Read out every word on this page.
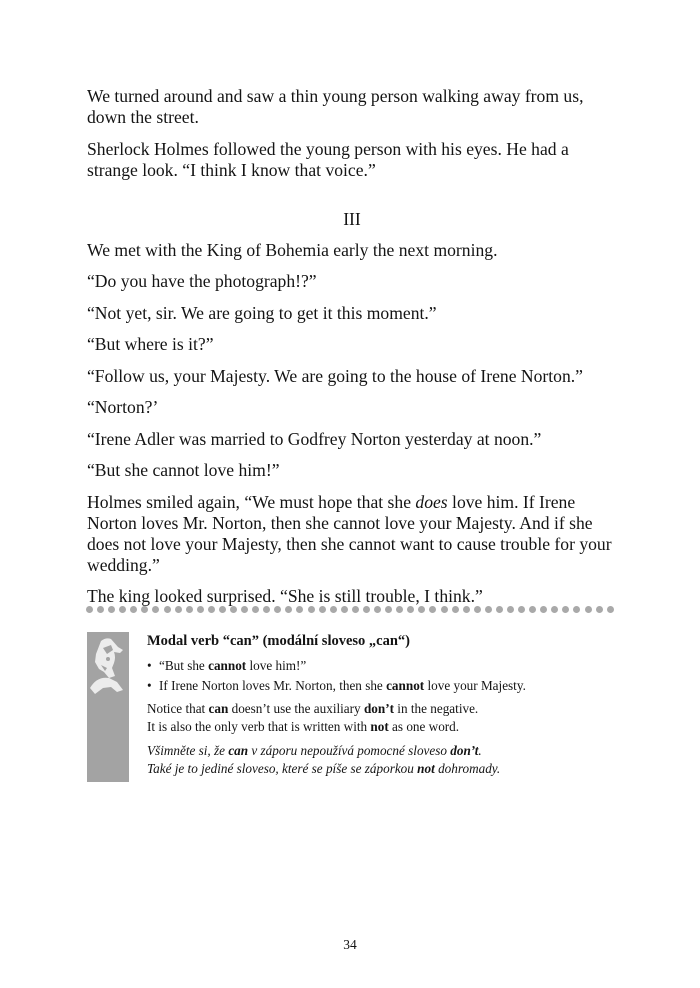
We turned around and saw a thin young person walking away from us, down the street.

Sherlock Holmes followed the young person with his eyes. He had a strange look. “I think I know that voice.”

III

We met with the King of Bohemia early the next morning.

“Do you have the photograph!?”

“Not yet, sir. We are going to get it this moment.”

“But where is it?”

“Follow us, your Majesty. We are going to the house of Irene Norton.”

“Norton?’

“Irene Adler was married to Godfrey Norton yesterday at noon.”

“But she cannot love him!”

Holmes smiled again, “We must hope that she does love him. If Irene Norton loves Mr. Norton, then she cannot love your Majesty. And if she does not love your Majesty, then she cannot want to cause trouble for your wedding.”

The king looked surprised. “She is still trouble, I think.”

Modal verb “can” (modální sloveso „can“)
• “But she cannot love him!”
• If Irene Norton loves Mr. Norton, then she cannot love your Majesty.

Notice that can doesn’t use the auxiliary don’t in the negative.

It is also the only verb that is written with not as one word.

Všimněte si, že can v záporu nepoužívá pomocné sloveso don’t.

Také je to jediné sloveso, které se píše se záporkou not dohromady.

34
